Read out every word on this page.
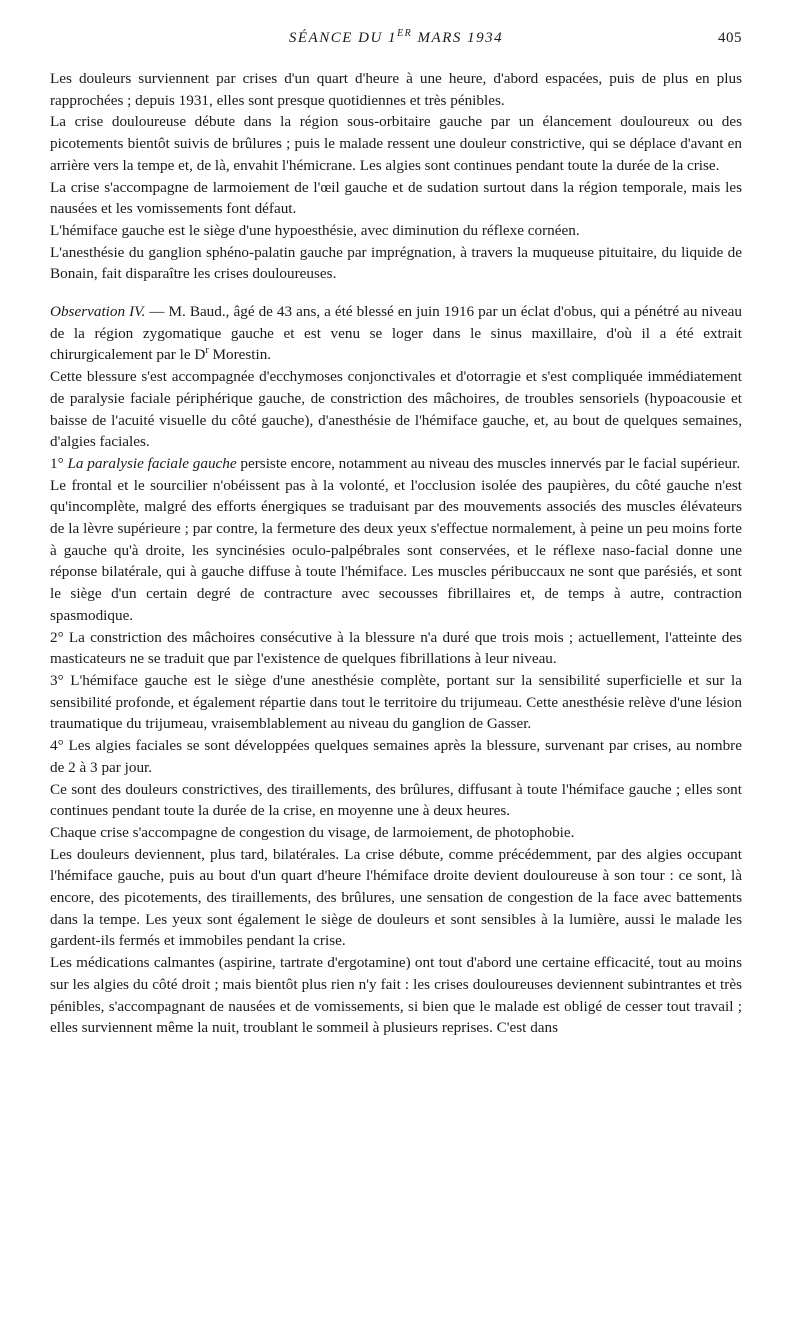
SÉANCE DU 1ER MARS 1934	405

Les douleurs surviennent par crises d'un quart d'heure à une heure, d'abord espacées, puis de plus en plus rapprochées ; depuis 1931, elles sont presque quotidiennes et très pénibles.

La crise douloureuse débute dans la région sous-orbitaire gauche par un élancement douloureux ou des picotements bientôt suivis de brûlures ; puis le malade ressent une douleur constrictive, qui se déplace d'avant en arrière vers la tempe et, de là, envahit l'hémicrane. Les algies sont continues pendant toute la durée de la crise.

La crise s'accompagne de larmoiement de l'œil gauche et de sudation surtout dans la région temporale, mais les nausées et les vomissements font défaut.

L'hémiface gauche est le siège d'une hypoesthésie, avec diminution du réflexe cornéen.

L'anesthésie du ganglion sphéno-palatin gauche par imprégnation, à travers la muqueuse pituitaire, du liquide de Bonain, fait disparaître les crises douloureuses.

Observation IV. — M. Baud., âgé de 43 ans, a été blessé en juin 1916 par un éclat d'obus, qui a pénétré au niveau de la région zygomatique gauche et est venu se loger dans le sinus maxillaire, d'où il a été extrait chirurgicalement par le $D^r$ Morestin.

Cette blessure s'est accompagnée d'ecchymoses conjonctivales et d'otorragie et s'est compliquée immédiatement de paralysie faciale périphérique gauche, de constriction des mâchoires, de troubles sensoriels (hypoacousie et baisse de l'acuité visuelle du côté gauche), d'anesthésie de l'hémiface gauche, et, au bout de quelques semaines, d'algies faciales.

1° La paralysie faciale gauche persiste encore, notamment au niveau des muscles innervés par le facial supérieur.

Le frontal et le sourcilier n'obéissent pas à la volonté, et l'occlusion isolée des paupières, du côté gauche n'est qu'incomplète, malgré des efforts énergiques se traduisant par des mouvements associés des muscles élévateurs de la lèvre supérieure ; par contre, la fermeture des deux yeux s'effectue normalement, à peine un peu moins forte à gauche qu'à droite, les syncinésies oculo-palpébrales sont conservées, et le réflexe naso-facial donne une réponse bilatérale, qui à gauche diffuse à toute l'hémiface. Les muscles péribuccaux ne sont que parésiés, et sont le siège d'un certain degré de contracture avec secousses fibrillaires et, de temps à autre, contraction spasmodique.

2° La constriction des mâchoires consécutive à la blessure n'a duré que trois mois ; actuellement, l'atteinte des masticateurs ne se traduit que par l'existence de quelques fibrillations à leur niveau.

3° L'hémiface gauche est le siège d'une anesthésie complète, portant sur la sensibilité superficielle et sur la sensibilité profonde, et également répartie dans tout le territoire du trijumeau. Cette anesthésie relève d'une lésion traumatique du trijumeau, vraisemblablement au niveau du ganglion de Gasser.

4° Les algies faciales se sont développées quelques semaines après la blessure, survenant par crises, au nombre de 2 à 3 par jour.

Ce sont des douleurs constrictives, des tiraillements, des brûlures, diffusant à toute l'hémiface gauche ; elles sont continues pendant toute la durée de la crise, en moyenne une à deux heures.

Chaque crise s'accompagne de congestion du visage, de larmoiement, de photophobie.

Les douleurs deviennent, plus tard, bilatérales. La crise débute, comme précédemment, par des algies occupant l'hémiface gauche, puis au bout d'un quart d'heure l'hémiface droite devient douloureuse à son tour : ce sont, là encore, des picotements, des tiraillements, des brûlures, une sensation de congestion de la face avec battements dans la tempe. Les yeux sont également le siège de douleurs et sont sensibles à la lumière, aussi le malade les gardent-ils fermés et immobiles pendant la crise.

Les médications calmantes (aspirine, tartrate d'ergotamine) ont tout d'abord une certaine efficacité, tout au moins sur les algies du côté droit ; mais bientôt plus rien n'y fait : les crises douloureuses deviennent subintrantes et très pénibles, s'accompagnant de nausées et de vomissements, si bien que le malade est obligé de cesser tout travail ; elles surviennent même la nuit, troublant le sommeil à plusieurs reprises. C'est dans
